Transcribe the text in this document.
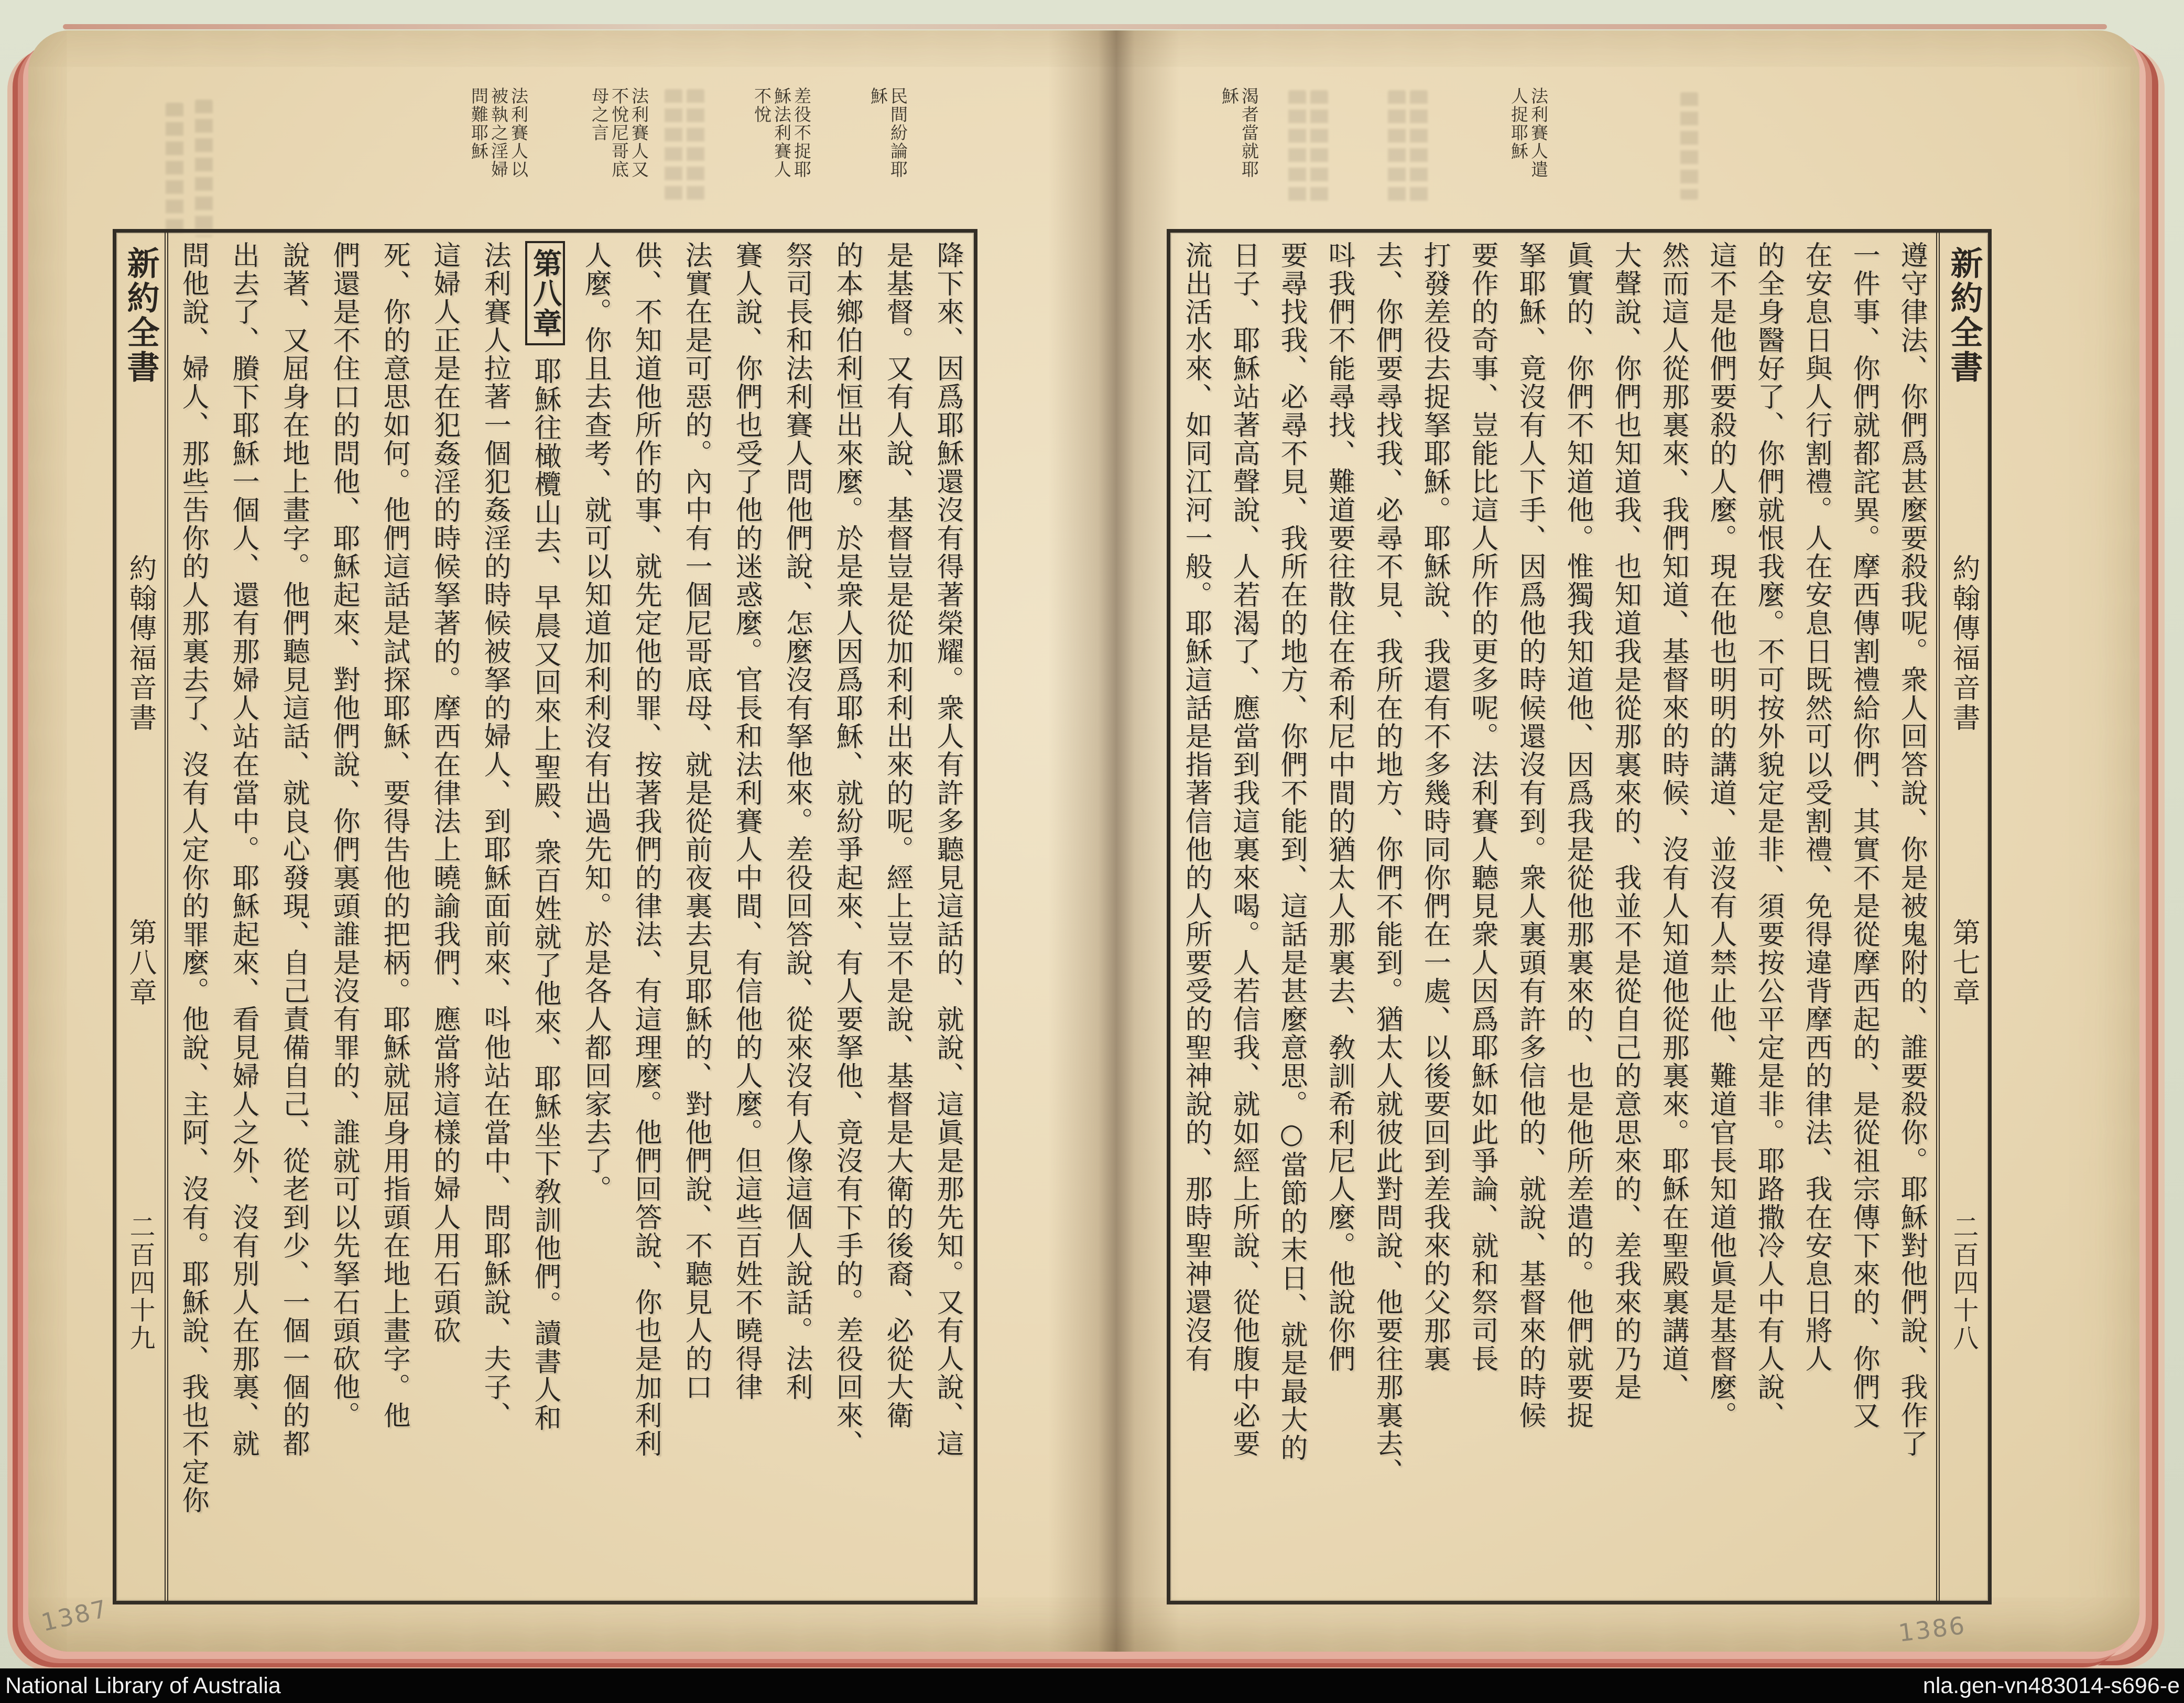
民間紛論耶穌
差役不捉耶穌法利賽人不悅
法利賽人又不悅尼哥底母之言
法利賽人以被執之淫婦問難耶穌
新約全書 約翰傳福音書 第八章 二百四十九	降下來、因爲耶穌還沒有得著榮耀。衆人有許多聽見這話的、就說、這眞是那先知。又有人說、這
是基督。又有人說、基督豈是從加利利出來的呢。經上豈不是說、基督是大衛的後裔、必從大衛
的本鄉伯利恒出來麼。於是衆人因爲耶穌、就紛爭起來、有人要拏他、竟沒有下手的。差役回來、
祭司長和法利賽人問他們說、怎麼沒有拏他來。差役回答說、從來沒有人像這個人說話。法利
賽人說、你們也受了他的迷惑麼。官長和法利賽人中間、有信他的人麼。但這些百姓不曉得律
法實在是可惡的。內中有一個尼哥底母、就是從前夜裏去見耶穌的、對他們說、不聽見人的口
供、不知道他所作的事、就先定他的罪、按著我們的律法、有這理麼。他們回答說、你也是加利利
人麼。你且去查考、就可以知道加利利沒有出過先知。於是各人都回家去了。
第八章耶穌往橄欖山去、早晨又回來上聖殿、衆百姓就了他來、耶穌坐下敎訓他們。讀書人和
法利賽人拉著一個犯姦淫的時候被拏的婦人、到耶穌面前來、呌他站在當中、問耶穌說、夫子、
這婦人正是在犯姦淫的時候拏著的。摩西在律法上曉諭我們、應當將這樣的婦人用石頭砍
死、你的意思如何。他們這話是試探耶穌、要得吿他的把柄。耶穌就屈身用指頭在地上畫字。他
們還是不住口的問他、耶穌起來、對他們說、你們裏頭誰是沒有罪的、誰就可以先拏石頭砍他。
說著、又屈身在地上畫字。他們聽見這話、就良心發現、自己責備自己、從老到少、一個一個的都
出去了、賸下耶穌一個人、還有那婦人站在當中。耶穌起來、看見婦人之外、沒有別人在那裏、就
問他說、婦人、那些吿你的人那裏去了、沒有人定你的罪麼。他說、主阿、沒有。耶穌說、我也不定你
法利賽人遣人捉耶穌
渴者當就耶穌
遵守律法、你們爲甚麼要殺我呢。衆人回答說、你是被鬼附的、誰要殺你。耶穌對他們說、我作了
一件事、你們就都詫異。摩西傳割禮給你們、其實不是從摩西起的、是從祖宗傳下來的、你們又
在安息日與人行割禮。人在安息日既然可以受割禮、免得違背摩西的律法、我在安息日將人
的全身醫好了、你們就恨我麼。不可按外貌定是非、須要按公平定是非。耶路撒冷人中有人說、
這不是他們要殺的人麼。現在他也明明的講道、並沒有人禁止他、難道官長知道他眞是基督麼。
然而這人從那裏來、我們知道、基督來的時候、沒有人知道他從那裏來。耶穌在聖殿裏講道、
大聲說、你們也知道我、也知道我是從那裏來的、我並不是從自己的意思來的、差我來的乃是
眞實的、你們不知道他。惟獨我知道他、因爲我是從他那裏來的、也是他所差遣的。他們就要捉
拏耶穌、竟沒有人下手、因爲他的時候還沒有到。衆人裏頭有許多信他的、就說、基督來的時候
要作的奇事、豈能比這人所作的更多呢。法利賽人聽見衆人因爲耶穌如此爭論、就和祭司長
打發差役去捉拏耶穌。耶穌說、我還有不多幾時同你們在一處、以後要回到差我來的父那裏
去、你們要尋找我、必尋不見、我所在的地方、你們不能到。猶太人就彼此對問說、他要往那裏去、
呌我們不能尋找、難道要往散住在希利尼中間的猶太人那裏去、敎訓希利尼人麼。他說你們
要尋找我、必尋不見、我所在的地方、你們不能到、這話是甚麼意思。○當節的末日、就是最大的
日子、耶穌站著高聲說、人若渴了、應當到我這裏來喝。人若信我、就如經上所說、從他腹中必要
流出活水來、如同江河一般。耶穌這話是指著信他的人所要受的聖神說的、那時聖神還沒有	新約全書 約翰傳福音書 第七章 二百四十八
1387	1386
National Library of Australia	nla.gen-vn483014-s696-e
